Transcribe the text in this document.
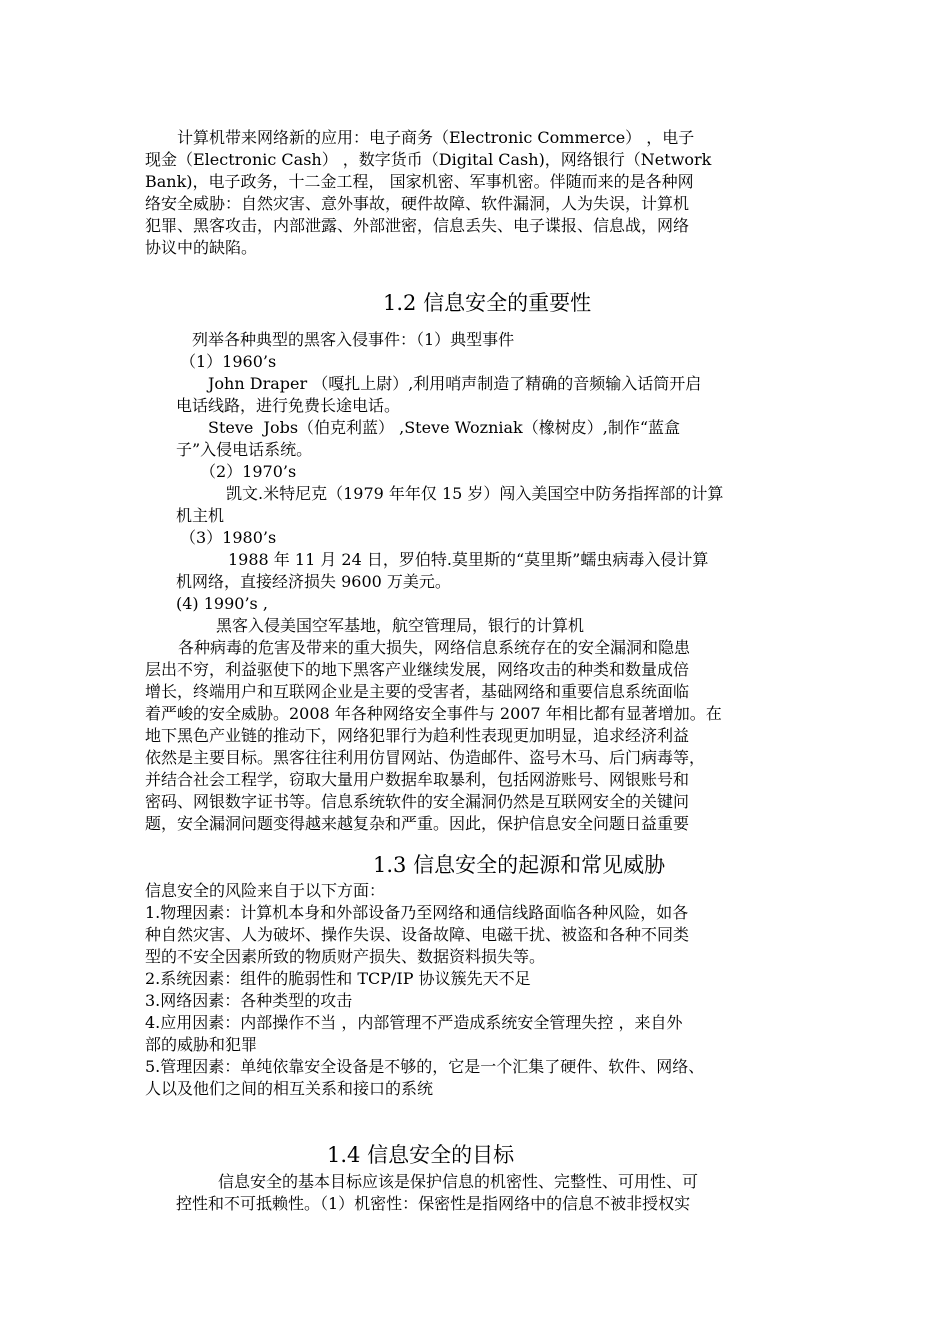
　　计算机带来网络新的应用：电子商务（Electronic Commerce） ，电子
现金（Electronic Cash） ，数字货币（Digital Cash)，网络银行（Network
Bank)，电子政务，十二金工程， 国家机密、军事机密。伴随而来的是各种网
络安全威胁：自然灾害、意外事故，硬件故障、软件漏洞，人为失误，计算机
犯罪、黑客攻击，内部泄露、外部泄密，信息丢失、电子谍报、信息战，网络
协议中的缺陷。
1.2 信息安全的重要性
列举各种典型的黑客入侵事件：（1）典型事件
（1）1960’s
John Draper （嘎扎上尉）,利用哨声制造了精确的音频输入话筒开启
电话线路，进行免费长途电话。
Steve  Jobs（伯克利蓝） ,Steve Wozniak（橡树皮）,制作“蓝盒
子”入侵电话系统。
（2）1970’s
凯文.米特尼克（1979 年年仅 15 岁）闯入美国空中防务指挥部的计算
机主机
（3）1980’s
1988 年 11 月 24 日，罗伯特.莫里斯的“莫里斯”蠕虫病毒入侵计算
机网络，直接经济损失 9600 万美元。
(4) 1990’s ,
黑客入侵美国空军基地，航空管理局，银行的计算机
各种病毒的危害及带来的重大损失，网络信息系统存在的安全漏洞和隐患
层出不穷，利益驱使下的地下黑客产业继续发展，网络攻击的种类和数量成倍
增长，终端用户和互联网企业是主要的受害者，基础网络和重要信息系统面临
着严峻的安全威胁。2008 年各种网络安全事件与 2007 年相比都有显著增加。在
地下黑色产业链的推动下，网络犯罪行为趋利性表现更加明显，追求经济利益
依然是主要目标。黑客往往利用仿冒网站、伪造邮件、盗号木马、后门病毒等，
并结合社会工程学，窃取大量用户数据牟取暴利，包括网游账号、网银账号和
密码、网银数字证书等。信息系统软件的安全漏洞仍然是互联网安全的关键问
题，安全漏洞问题变得越来越复杂和严重。因此，保护信息安全问题日益重要
1.3 信息安全的起源和常见威胁
信息安全的风险来自于以下方面：
1.物理因素：计算机本身和外部设备乃至网络和通信线路面临各种风险，如各
种自然灾害、人为破坏、操作失误、设备故障、电磁干扰、被盗和各种不同类
型的不安全因素所致的物质财产损失、数据资料损失等。
2.系统因素：组件的脆弱性和 TCP/IP 协议簇先天不足
3.网络因素：各种类型的攻击
4.应用因素：内部操作不当 ，内部管理不严造成系统安全管理失控 ，来自外
部的威胁和犯罪
5.管理因素：单纯依靠安全设备是不够的，它是一个汇集了硬件、软件、网络、
人以及他们之间的相互关系和接口的系统
1.4 信息安全的目标
信息安全的基本目标应该是保护信息的机密性、完整性、可用性、可
控性和不可抵赖性。（1）机密性：保密性是指网络中的信息不被非授权实
